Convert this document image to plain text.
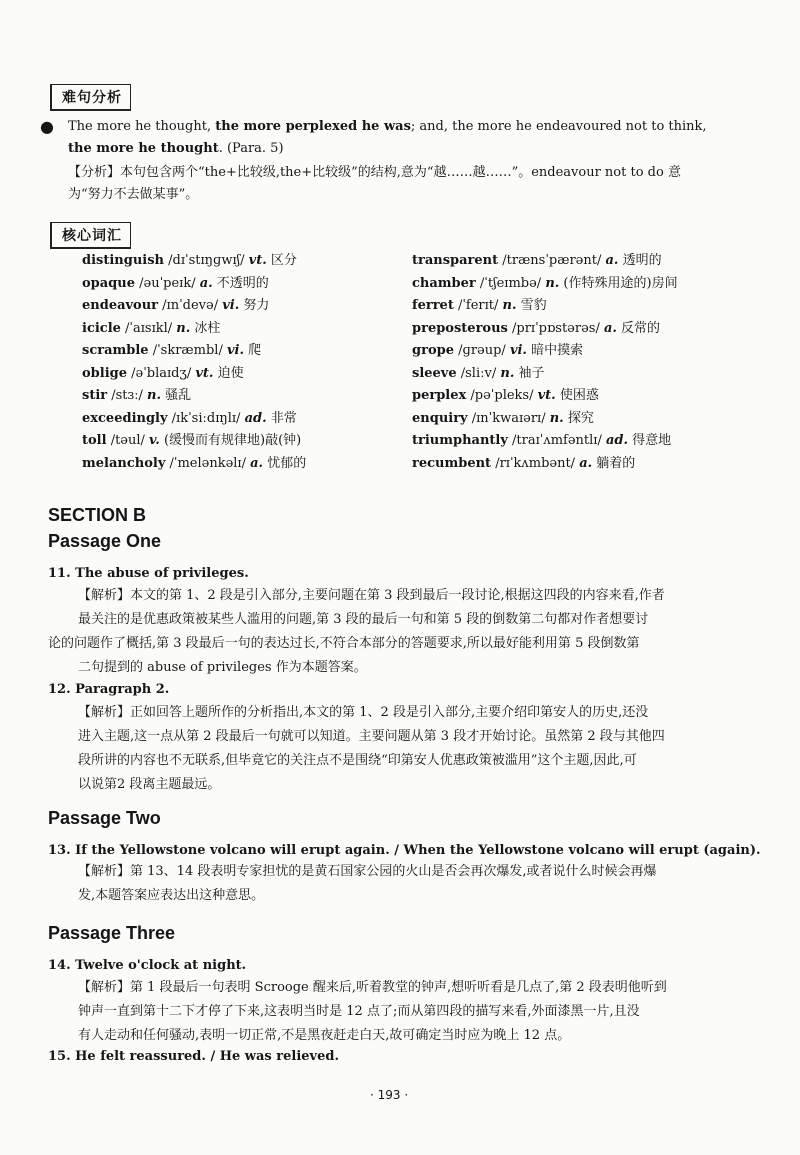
难句分析
● The more he thought, the more perplexed he was; and, the more he endeavoured not to think,
the more he thought. (Para. 5)
【分析】本句包含两个“the+比较级,the+比较级”的结构,意为“越……越……”。endeavour not to do 意
为“努力不去做某事”。
核心词汇
distinguish /dɪˈstɪŋɡwɪʃ/ vt. 区分
opaque /əuˈpeɪk/ a. 不透明的
endeavour /ɪnˈdevə/ vi. 努力
icicle /ˈaɪsɪkl/ n. 冰柱
scramble /ˈskræmbl/ vi. 爬
oblige /əˈblaɪdʒ/ vt. 迫使
stir /stɜː/ n. 骚乱
exceedingly /ɪkˈsiːdɪŋlɪ/ ad. 非常
toll /təul/ v. (缓慢而有规律地)敲(钟)
melancholy /ˈmelənkəlɪ/ a. 忧郁的
transparent /trænsˈpærənt/ a. 透明的
chamber /ˈtʃeɪmbə/ n. (作特殊用途的)房间
ferret /ˈferɪt/ n. 雪豹
preposterous /prɪˈpɒstərəs/ a. 反常的
grope /ɡrəup/ vi. 暗中摸索
sleeve /sliːv/ n. 袖子
perplex /pəˈpleks/ vt. 使困惑
enquiry /ɪnˈkwaɪərɪ/ n. 探究
triumphantly /traɪˈʌmfəntlɪ/ ad. 得意地
recumbent /rɪˈkʌmbənt/ a. 躺着的
SECTION B
Passage One
11. The abuse of privileges.
【解析】本文的第 1、2 段是引入部分,主要问题在第 3 段到最后一段讨论,根据这四段的内容来看,作者
最关注的是优惠政策被某些人滥用的问题,第 3 段的最后一句和第 5 段的倒数第二句都对作者想要讨
论的问题作了概括,第 3 段最后一句的表达过长,不符合本部分的答题要求,所以最好能利用第 5 段倒数第
二句提到的 abuse of privileges 作为本题答案。
12. Paragraph 2.
【解析】正如回答上题所作的分析指出,本文的第 1、2 段是引入部分,主要介绍印第安人的历史,还没
进入主题,这一点从第 2 段最后一句就可以知道。主要问题从第 3 段才开始讨论。虽然第 2 段与其他四
段所讲的内容也不无联系,但毕竟它的关注点不是围绕“印第安人优惠政策被滥用”这个主题,因此,可
以说第2 段离主题最远。
Passage Two
13. If the Yellowstone volcano will erupt again. / When the Yellowstone volcano will erupt (again).
【解析】第 13、14 段表明专家担忧的是黄石国家公园的火山是否会再次爆发,或者说什么时候会再爆
发,本题答案应表达出这种意思。
Passage Three
14. Twelve o'clock at night.
【解析】第 1 段最后一句表明 Scrooge 醒来后,听着教堂的钟声,想听听看是几点了,第 2 段表明他听到
钟声一直到第十二下才停了下来,这表明当时是 12 点了;而从第四段的描写来看,外面漆黑一片,且没
有人走动和任何骚动,表明一切正常,不是黑夜赶走白天,故可确定当时应为晚上 12 点。
15. He felt reassured. / He was relieved.
· 193 ·
